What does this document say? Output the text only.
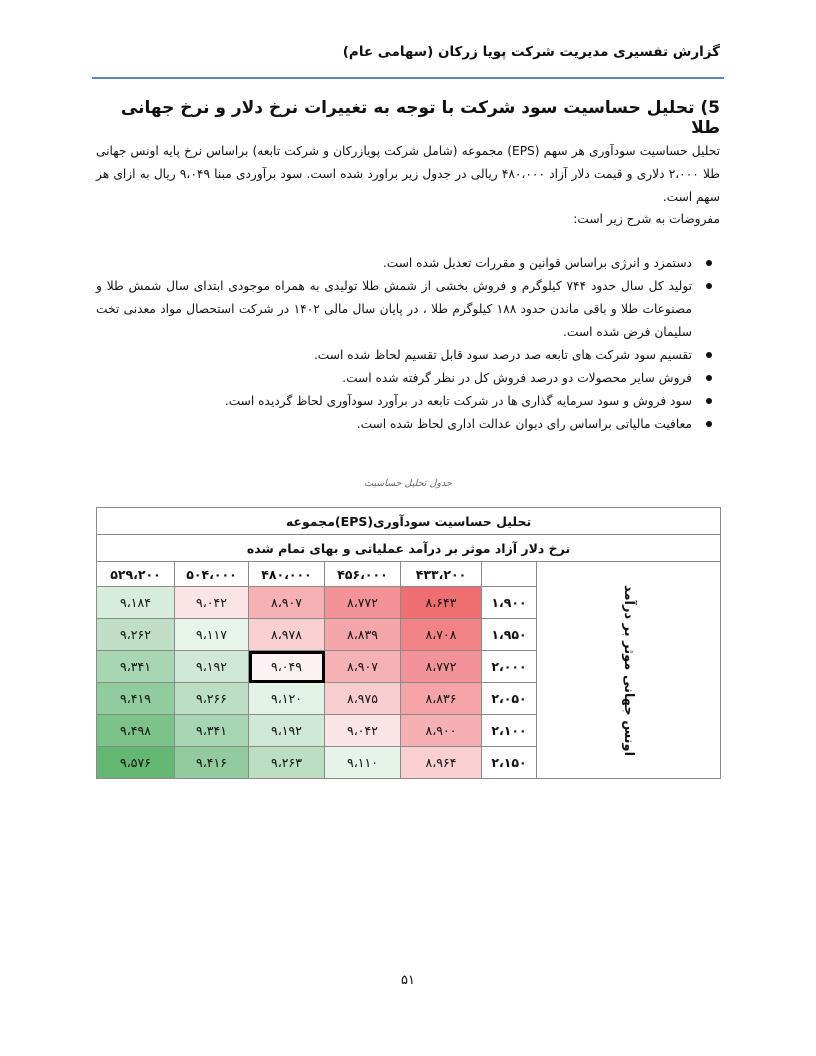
گزارش تفسیری مدیریت شرکت پویا زرکان (سهامی عام)
5) تحلیل حساسیت سود شرکت با توجه به تغییرات نرخ دلار و نرخ جهانی طلا
تحلیل حساسیت سودآوری هر سهم (EPS) مجموعه (شامل شرکت پویازرکان و شرکت تابعه) براساس نرخ پایه اونس جهانی طلا ۲،۰۰۰ دلاری و قیمت دلار آزاد ۴۸۰،۰۰۰ ریالی در جدول زیر براورد شده است. سود برآوردی مبنا ۹،۰۴۹ ریال به ازای هر سهم است.
مفروضات به شرح زیر است:
دستمزد و انرژی براساس قوانین و مقررات تعدیل شده است.
تولید کل سال حدود ۷۴۴ کیلوگرم و فروش بخشی از شمش طلا تولیدی به همراه موجودی ابتدای سال شمش طلا و مصنوعات طلا و باقی ماندن حدود ۱۸۸ کیلوگرم طلا ، در پایان سال مالی ۱۴۰۲ در شرکت استحصال مواد معدنی تخت سلیمان فرض شده است.
تقسیم سود شرکت های تابعه صد درصد سود قابل تقسیم لحاظ شده است.
فروش سایر محصولات دو درصد فروش کل در نظر گرفته شده است.
سود فروش و سود سرمایه گذاری ها در شرکت تابعه در برآورد سودآوری لحاظ گردیده است.
معافیت مالیاتی براساس رای دیوان عدالت اداری لحاظ شده است.
جدول تحلیل حساسیت
تحلیل حساسیت سودآوری(EPS)مجموعه						
نرخ دلار آزاد موثر بر درآمد عملیاتی و بهای تمام شده						
۵۲۹،۲۰۰	۵۰۴،۰۰۰	۴۸۰،۰۰۰	۴۵۶،۰۰۰	۴۳۳،۲۰۰		اونس جهانی موثر بر درآمد
۹،۱۸۴	۹،۰۴۲	۸،۹۰۷	۸،۷۷۲	۸،۶۴۳	۱،۹۰۰	
۹،۲۶۲	۹،۱۱۷	۸،۹۷۸	۸،۸۳۹	۸،۷۰۸	۱،۹۵۰	
۹،۳۴۱	۹،۱۹۲	۹،۰۴۹	۸،۹۰۷	۸،۷۷۲	۲،۰۰۰	
۹،۴۱۹	۹،۲۶۶	۹،۱۲۰	۸،۹۷۵	۸،۸۳۶	۲،۰۵۰	
۹،۴۹۸	۹،۳۴۱	۹،۱۹۲	۹،۰۴۲	۸،۹۰۰	۲،۱۰۰	
۹،۵۷۶	۹،۴۱۶	۹،۲۶۳	۹،۱۱۰	۸،۹۶۴	۲،۱۵۰	
۵۱
